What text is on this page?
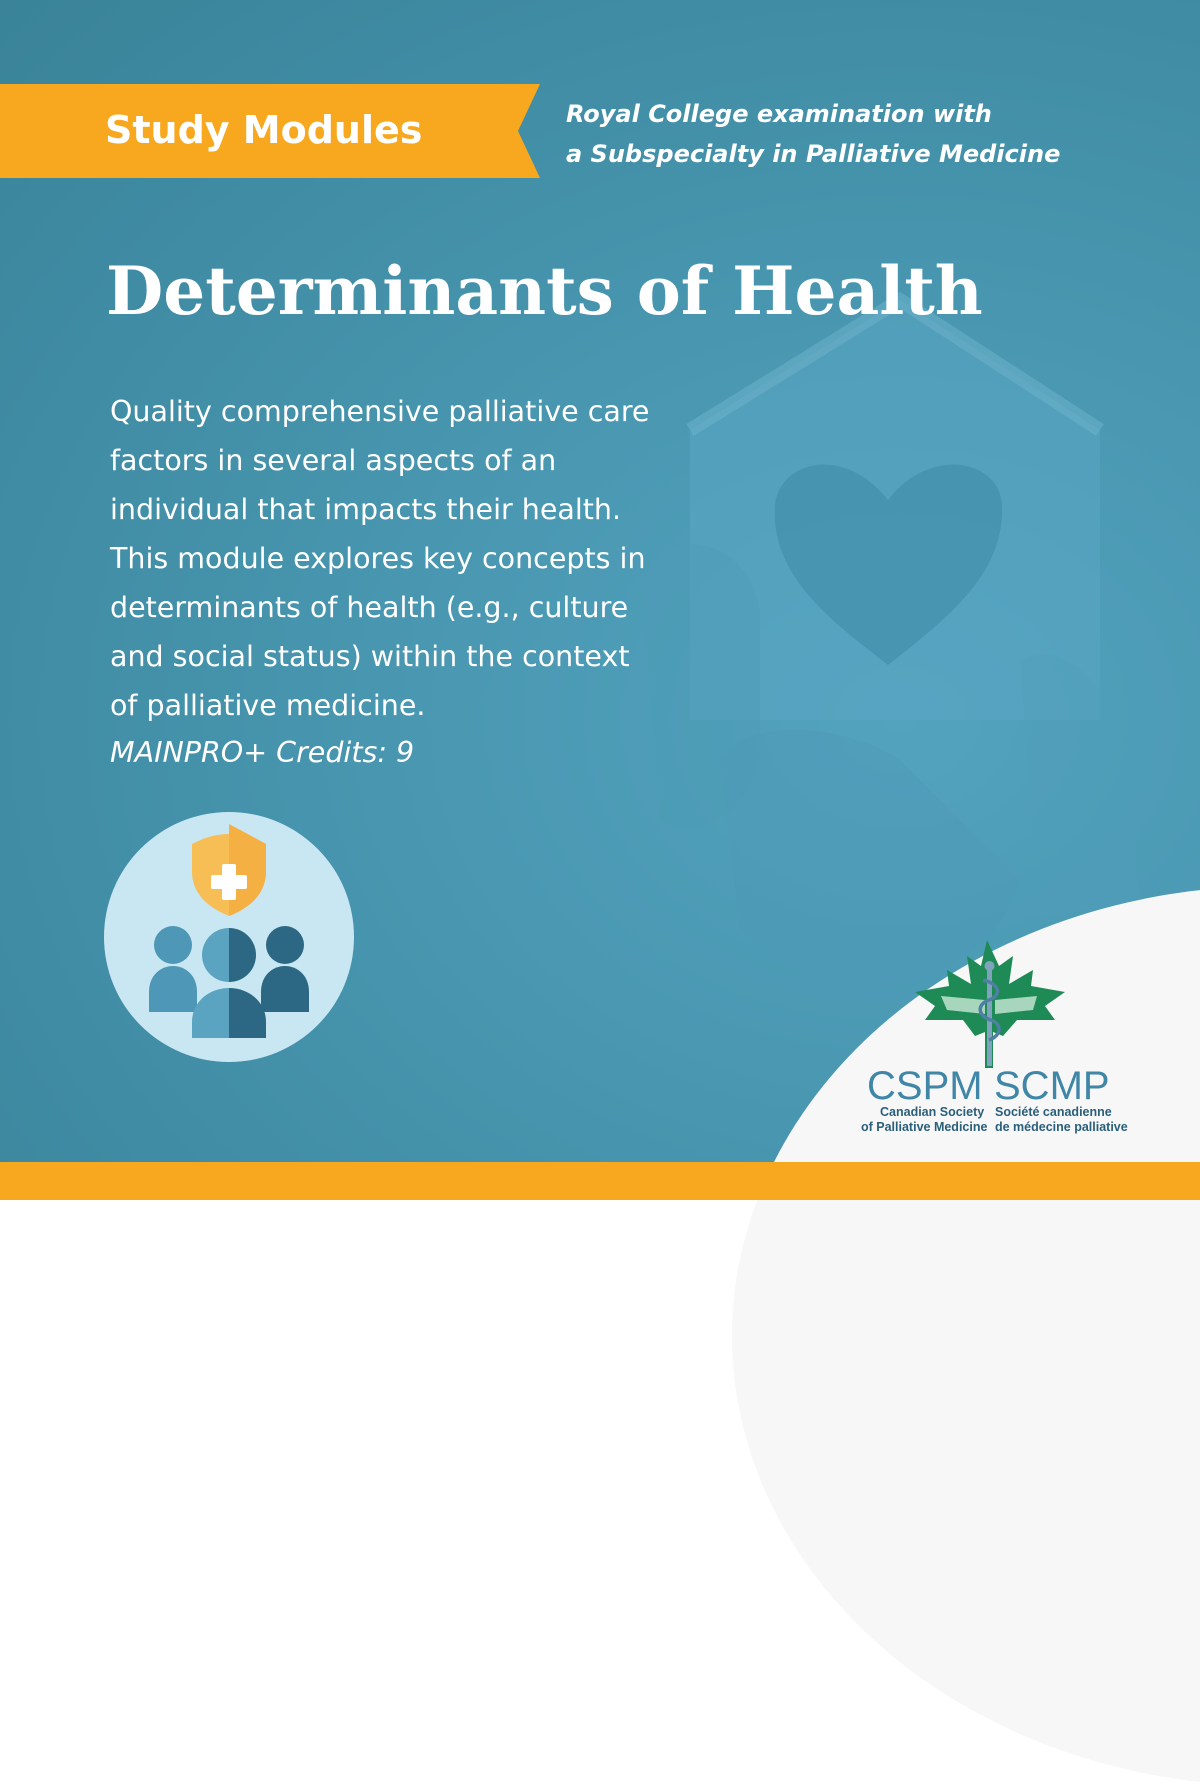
Study Modules	Royal College examination with
a Subspecialty in Palliative Medicine
Determinants of Health
Quality comprehensive palliative care
factors in several aspects of an
individual that impacts their health.
This module explores key concepts in
determinants of health (e.g., culture
and social status) within the context
of palliative medicine.
MAINPRO+ Credits: 9
CSPM SCMP
Canadian Society
of Palliative Medicine
Société canadienne
de médecine palliative
